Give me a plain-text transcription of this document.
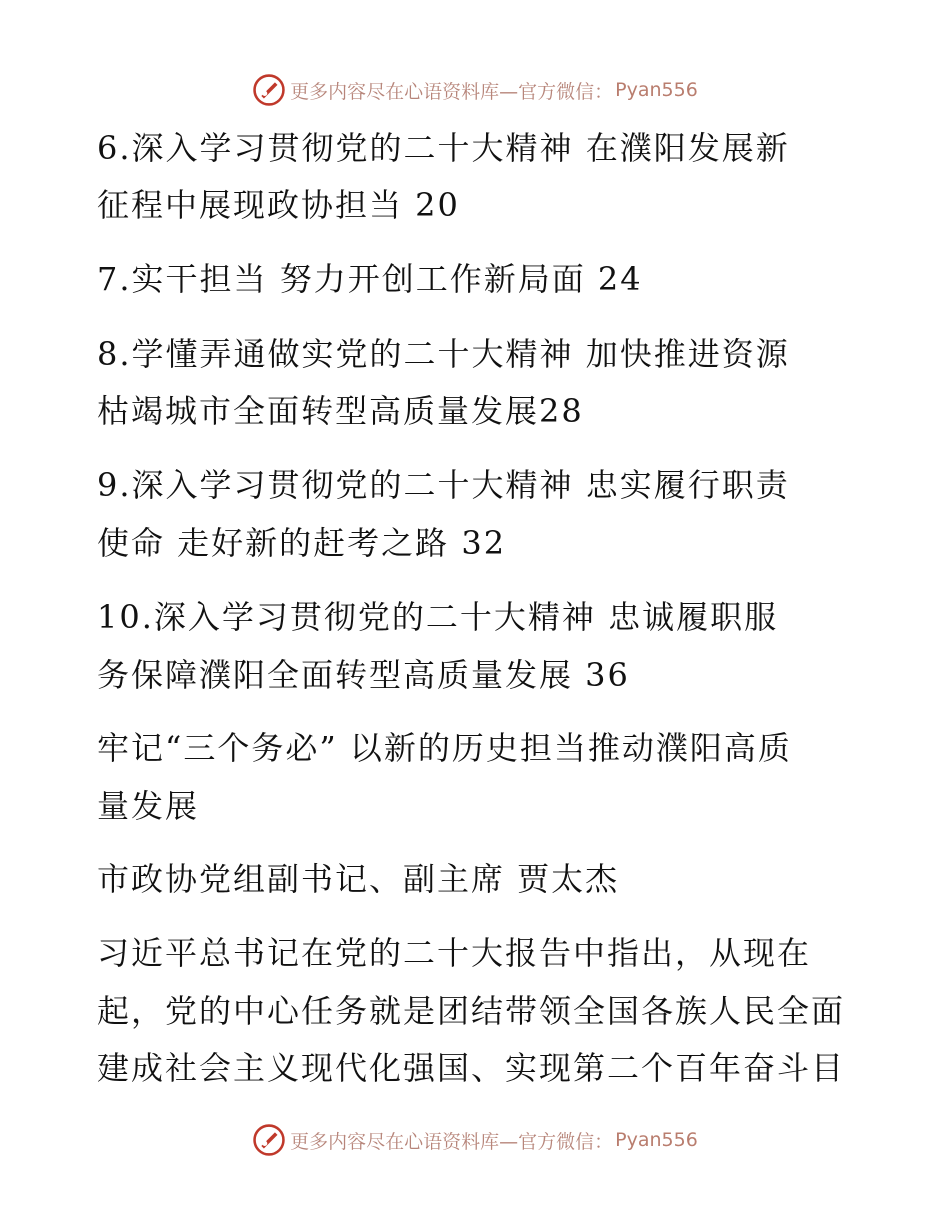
更多内容尽在心语资料库—官方微信： Pyan556
6.深入学习贯彻党的二十大精神 在濮阳发展新
征程中展现政协担当 20
7.实干担当 努力开创工作新局面 24
8.学懂弄通做实党的二十大精神 加快推进资源
枯竭城市全面转型高质量发展28
9.深入学习贯彻党的二十大精神 忠实履行职责
使命 走好新的赶考之路 32
10.深入学习贯彻党的二十大精神 忠诚履职服
务保障濮阳全面转型高质量发展 36
牢记“三个务必” 以新的历史担当推动濮阳高质
量发展
市政协党组副书记、副主席 贾太杰
习近平总书记在党的二十大报告中指出，从现在
起，党的中心任务就是团结带领全国各族人民全面
建成社会主义现代化强国、实现第二个百年奋斗目
更多内容尽在心语资料库—官方微信： Pyan556
